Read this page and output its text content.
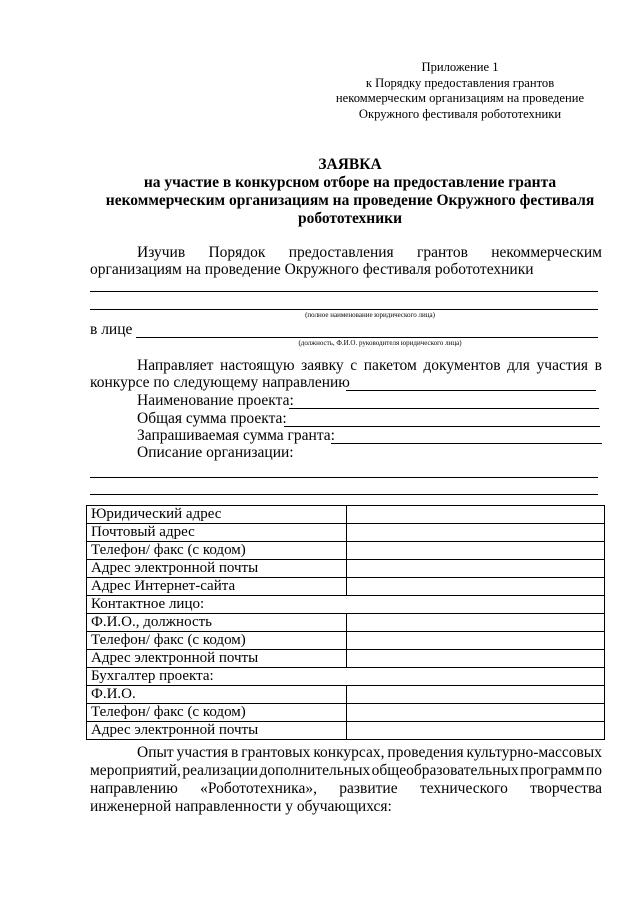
Приложение 1
к Порядку предоставления грантов
некоммерческим организациям на проведение
Окружного фестиваля робототехники
ЗАЯВКА
на участие в конкурсном отборе на предоставление гранта
некоммерческим организациям на проведение Окружного фестиваля
робототехники
Изучив Порядок предоставления грантов некоммерческим
организациям на проведение Окружного фестиваля робототехники
(полное наименование юридического лица)
в лице
(должность, Ф.И.О. руководителя юридического лица)
Направляет настоящую заявку с пакетом документов для участия в
конкурсе по следующему направлению
Наименование проекта:
Общая сумма проекта:
Запрашиваемая сумма гранта:
Описание организации:
Юридический адрес	
Почтовый адрес	
Телефон/ факс (с кодом)	
Адрес электронной почты	
Адрес Интернет-сайта	
Контактное лицо:	
Ф.И.О., должность	
Телефон/ факс (с кодом)	
Адрес электронной почты	
Бухгалтер проекта:	
Ф.И.О.	
Телефон/ факс (с кодом)	
Адрес электронной почты	
Опыт участия в грантовых конкурсах, проведения культурно-массовых
мероприятий, реализации дополнительных общеобразовательных программ по
направлению «Робототехника», развитие технического творчества
инженерной направленности у обучающихся:
